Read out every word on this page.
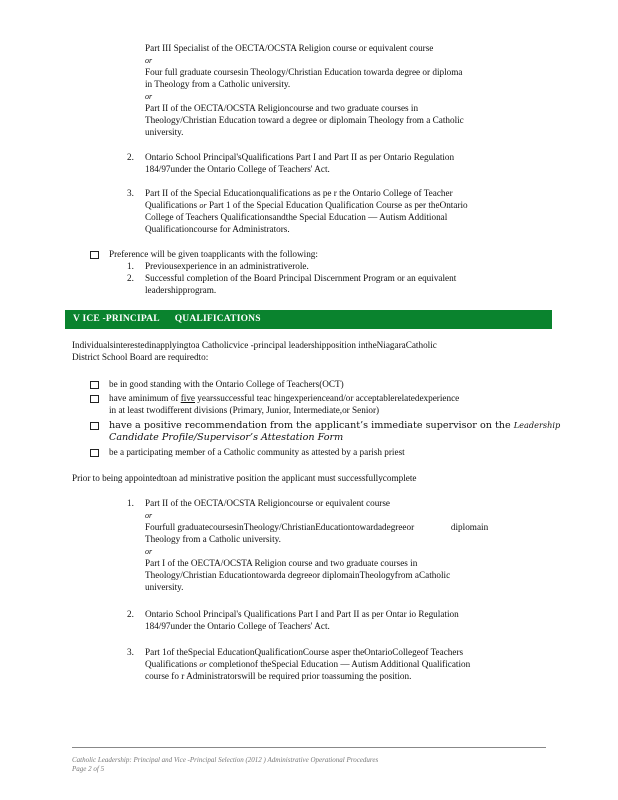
Part III Specialist of the OECTA/OCSTA Religion course or equivalent course
or
Four full graduate coursesin Theology/Christian Education towarda degree or diploma
in Theology from a Catholic university.
or
Part II of the OECTA/OCSTA Religioncourse and two graduate courses in
Theology/Christian Education toward a degree or diplomain Theology from a Catholic
university.
2.	Ontario School Principal'sQualifications Part I and Part II as per Ontario Regulation
184/97under the Ontario College of Teachers' Act.
3.	Part II of the Special Educationqualifications as pe r the Ontario College of Teacher
Qualifications or Part 1 of the Special Education Qualification Course as per theOntario
College of Teachers Qualificationsandthe Special Education — Autism Additional
Qualificationcourse for Administrators.
Preference will be given toapplicants with the following:
1.	Previousexperience in an administrativerole.
2.	Successful completion of the Board Principal Discernment Program or an equivalent
leadershipprogram.
V ICE -PRINCIPAL      QUALIFICATIONS
Individualsinterestedinapplyingtoa Catholicvice -principal leadershipposition intheNiagaraCatholic
District School Board are requiredto:
be in good standing with the Ontario College of Teachers(OCT)
have aminimum of five yearssuccessful teac hingexperienceand/or acceptablerelatedexperience
in at least twodifferent divisions (Primary, Junior, Intermediate,or Senior)
have a positive recommendation from the applicant’s immediate supervisor on the Leadership
Candidate Profile/Supervisor’s Attestation Form
be a participating member of a Catholic community as attested by a parish priest
Prior to being appointedtoan ad ministrative position the applicant must successfullycomplete
1.	Part II of the OECTA/OCSTA Religioncourse or equivalent course
or
Fourfull graduatecoursesinTheology/ChristianEducationtowardadegreeor                diplomain
Theology from a Catholic university.
or
Part I of the OECTA/OCSTA Religion course and two graduate courses in
Theology/Christian Educationtowarda degreeor diplomainTheologyfrom aCatholic
university.
2.	Ontario School Principal's Qualifications Part I and Part II as per Ontar io Regulation
184/97under the Ontario College of Teachers' Act.
3.	Part 1of theSpecial EducationQualificationCourse asper theOntarioCollegeof Teachers
Qualifications or completionof theSpecial Education — Autism Additional Qualification
course fo r Administratorswill be required prior toassuming the position.
Catholic Leadership: Principal and Vice -Principal Selection (2012 ) Administrative Operational Procedures
Page 2 of 5
